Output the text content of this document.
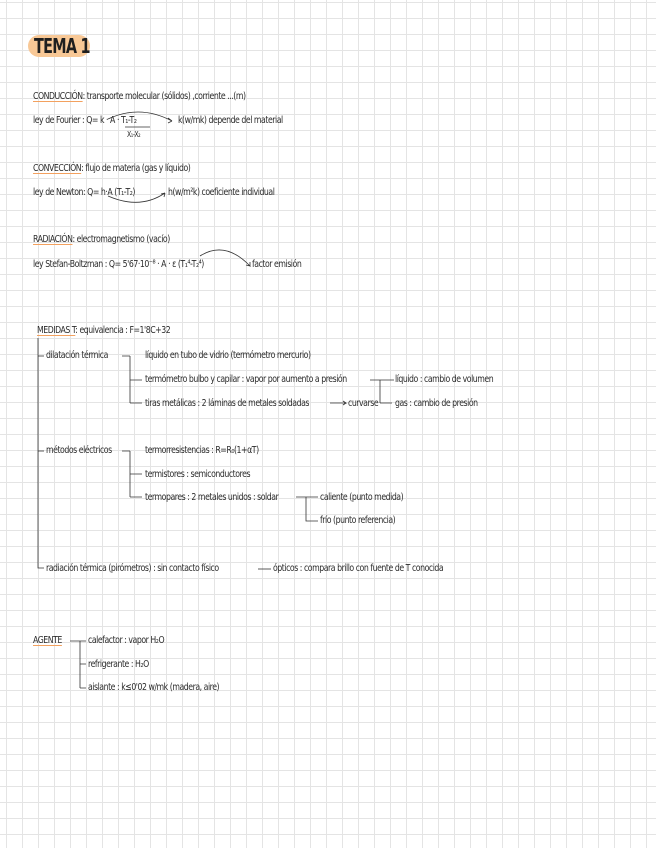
TEMA 1
CONDUCCIÓN: transporte molecular (sólidos) ,corriente ...(m)
ley de Fourier : Q= k · A · T₁-T₂
X₁-X₂
k(w/mk) depende del material
CONVECCIÓN: flujo de materia (gas y líquido)
ley de Newton: Q= h·A (T₁-T₂)	h(w/m²k) coeficiente individual
RADIACIÓN: electromagnetismo (vacío)
ley Stefan-Boltzman : Q= 5'67·10⁻⁸ · A · ε (T₁⁴-T₂⁴)	factor emisión
MEDIDAS T: equivalencia : F=1'8C+32
dilatación térmica	líquido en tubo de vidrio (termómetro mercurio)
termómetro bulbo y capilar : vapor por aumento a presión	líquido : cambio de volumen
tiras metálicas : 2 láminas de metales soldadas	curvarse gas : cambio de presión
métodos eléctricos	termorresistencias : R=R₀(1+αT)
termistores : semiconductores
termopares : 2 metales unidos : soldar	caliente (punto medida)
frío (punto referencia)
radiación térmica (pirómetros) : sin contacto físico	ópticos : compara brillo con fuente de T conocida
AGENTE	calefactor : vapor H₂O
refrigerante : H₂O
aislante : k≤0'02 w/mk (madera, aire)
